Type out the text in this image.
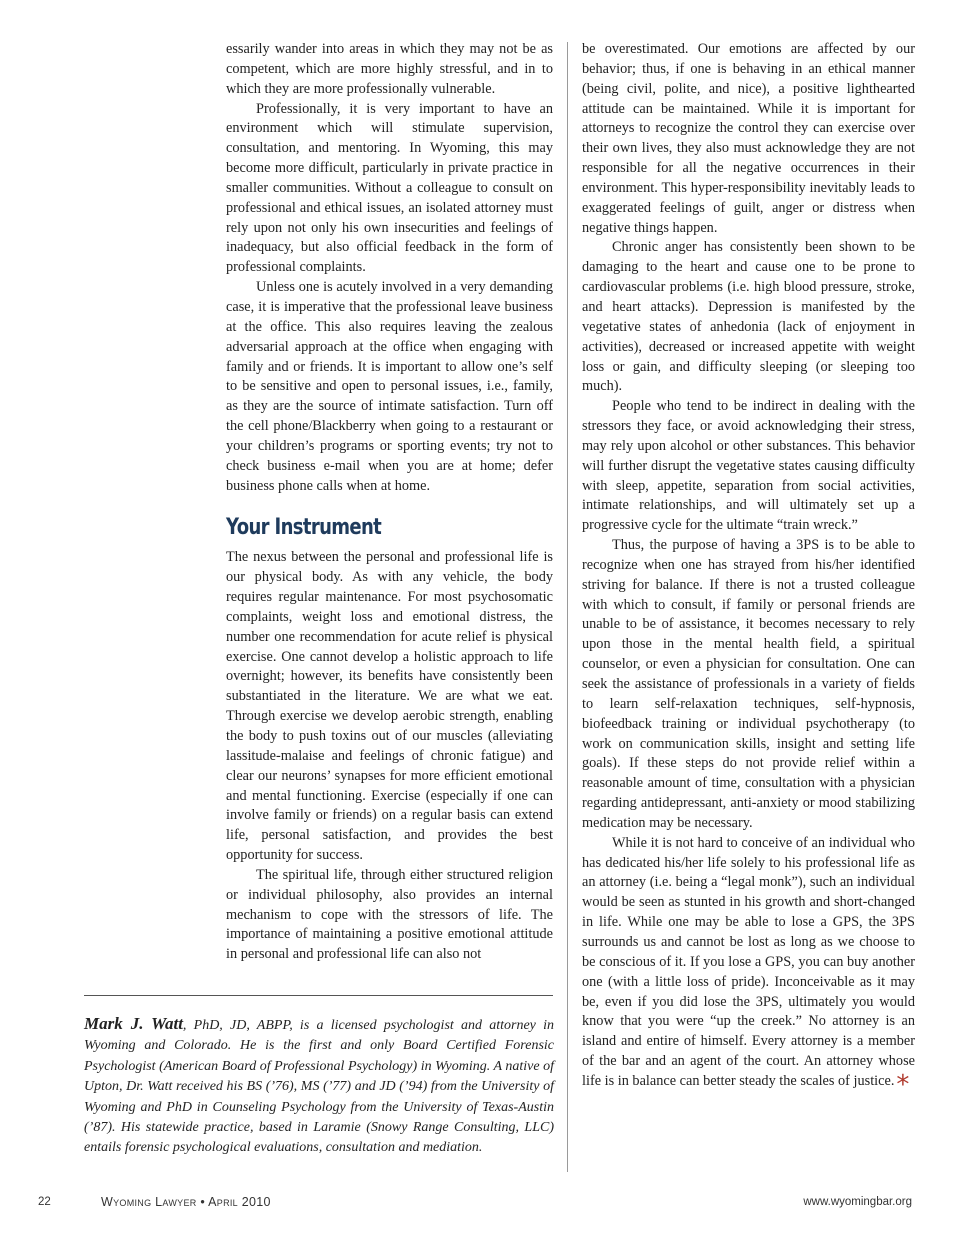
essarily wander into areas in which they may not be as competent, which are more highly stressful, and in to which they are more professionally vulnerable.

Professionally, it is very important to have an environment which will stimulate supervision, consultation, and mentoring. In Wyoming, this may become more difficult, particularly in private practice in smaller communities. Without a colleague to consult on professional and ethical issues, an isolated attorney must rely upon not only his own insecurities and feelings of inadequacy, but also official feedback in the form of professional complaints.

Unless one is acutely involved in a very demanding case, it is imperative that the professional leave business at the office. This also requires leaving the zealous adversarial approach at the office when engaging with family and or friends. It is important to allow one’s self to be sensitive and open to personal issues, i.e., family, as they are the source of intimate satisfaction. Turn off the cell phone/Blackberry when going to a restaurant or your children’s programs or sporting events; try not to check business e-mail when you are at home; defer business phone calls when at home.

Your Instrument

The nexus between the personal and professional life is our physical body. As with any vehicle, the body requires regular maintenance. For most psychosomatic complaints, weight loss and emotional distress, the number one recommendation for acute relief is physical exercise. One cannot develop a holistic approach to life overnight; however, its benefits have consistently been substantiated in the literature. We are what we eat. Through exercise we develop aerobic strength, enabling the body to push toxins out of our muscles (alleviating lassitude-malaise and feelings of chronic fatigue) and clear our neurons’ synapses for more efficient emotional and mental functioning. Exercise (especially if one can involve family or friends) on a regular basis can extend life, personal satisfaction, and provides the best opportunity for success.

The spiritual life, through either structured religion or individual philosophy, also provides an internal mechanism to cope with the stressors of life. The importance of maintaining a positive emotional attitude in personal and professional life can also not

be overestimated. Our emotions are affected by our behavior; thus, if one is behaving in an ethical manner (being civil, polite, and nice), a positive lighthearted attitude can be maintained. While it is important for attorneys to recognize the control they can exercise over their own lives, they also must acknowledge they are not responsible for all the negative occurrences in their environment. This hyper-responsibility inevitably leads to exaggerated feelings of guilt, anger or distress when negative things happen.

Chronic anger has consistently been shown to be damaging to the heart and cause one to be prone to cardiovascular problems (i.e. high blood pressure, stroke, and heart attacks). Depression is manifested by the vegetative states of anhedonia (lack of enjoyment in activities), decreased or increased appetite with weight loss or gain, and difficulty sleeping (or sleeping too much).

People who tend to be indirect in dealing with the stressors they face, or avoid acknowledging their stress, may rely upon alcohol or other substances. This behavior will further disrupt the vegetative states causing difficulty with sleep, appetite, separation from social activities, intimate relationships, and will ultimately set up a progressive cycle for the ultimate “train wreck.”

Thus, the purpose of having a 3PS is to be able to recognize when one has strayed from his/her identified striving for balance. If there is not a trusted colleague with which to consult, if family or personal friends are unable to be of assistance, it becomes necessary to rely upon those in the mental health field, a spiritual counselor, or even a physician for consultation. One can seek the assistance of professionals in a variety of fields to learn self-relaxation techniques, self-hypnosis, biofeedback training or individual psychotherapy (to work on communication skills, insight and setting life goals). If these steps do not provide relief within a reasonable amount of time, consultation with a physician regarding antidepressant, anti-anxiety or mood stabilizing medication may be necessary.

While it is not hard to conceive of an individual who has dedicated his/her life solely to his professional life as an attorney (i.e. being a “legal monk”), such an individual would be seen as stunted in his growth and short-changed in life. While one may be able to lose a GPS, the 3PS surrounds us and cannot be lost as long as we choose to be conscious of it. If you lose a GPS, you can buy another one (with a little loss of pride). Inconceivable as it may be, even if you did lose the 3PS, ultimately you would know that you were “up the creek.” No attorney is an island and entire of himself. Every attorney is a member of the bar and an agent of the court. An attorney whose life is in balance can better steady the scales of justice.*

Mark J. Watt, PhD, JD, ABPP, is a licensed psychologist and attorney in Wyoming and Colorado. He is the first and only Board Certified Forensic Psychologist (American Board of Professional Psychology) in Wyoming. A native of Upton, Dr. Watt received his BS (’76), MS (’77) and JD (’94) from the University of Wyoming and PhD in Counseling Psychology from the University of Texas-Austin (’87). His statewide practice, based in Laramie (Snowy Range Consulting, LLC) entails forensic psychological evaluations, consultation and mediation.

22	Wyoming Lawyer • April 2010	www.wyomingbar.org
